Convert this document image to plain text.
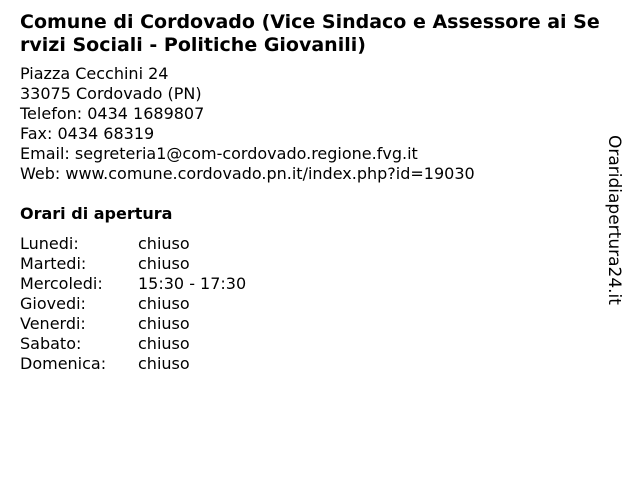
Comune di Cordovado (Vice Sindaco e Assessore ai Servizi Sociali - Politiche Giovanili)
Piazza Cecchini 24
33075 Cordovado (PN)
Telefon: 0434 1689807
Fax: 0434 68319
Email: segreteria1@com-cordovado.regione.fvg.it
Web: www.comune.cordovado.pn.it/index.php?id=19030
Orari di apertura
Lunedi:	chiuso
Martedi:	chiuso
Mercoledi:	15:30 - 17:30
Giovedi:	chiuso
Venerdi:	chiuso
Sabato:	chiuso
Domenica:	chiuso
Oraridiapertura24.it
